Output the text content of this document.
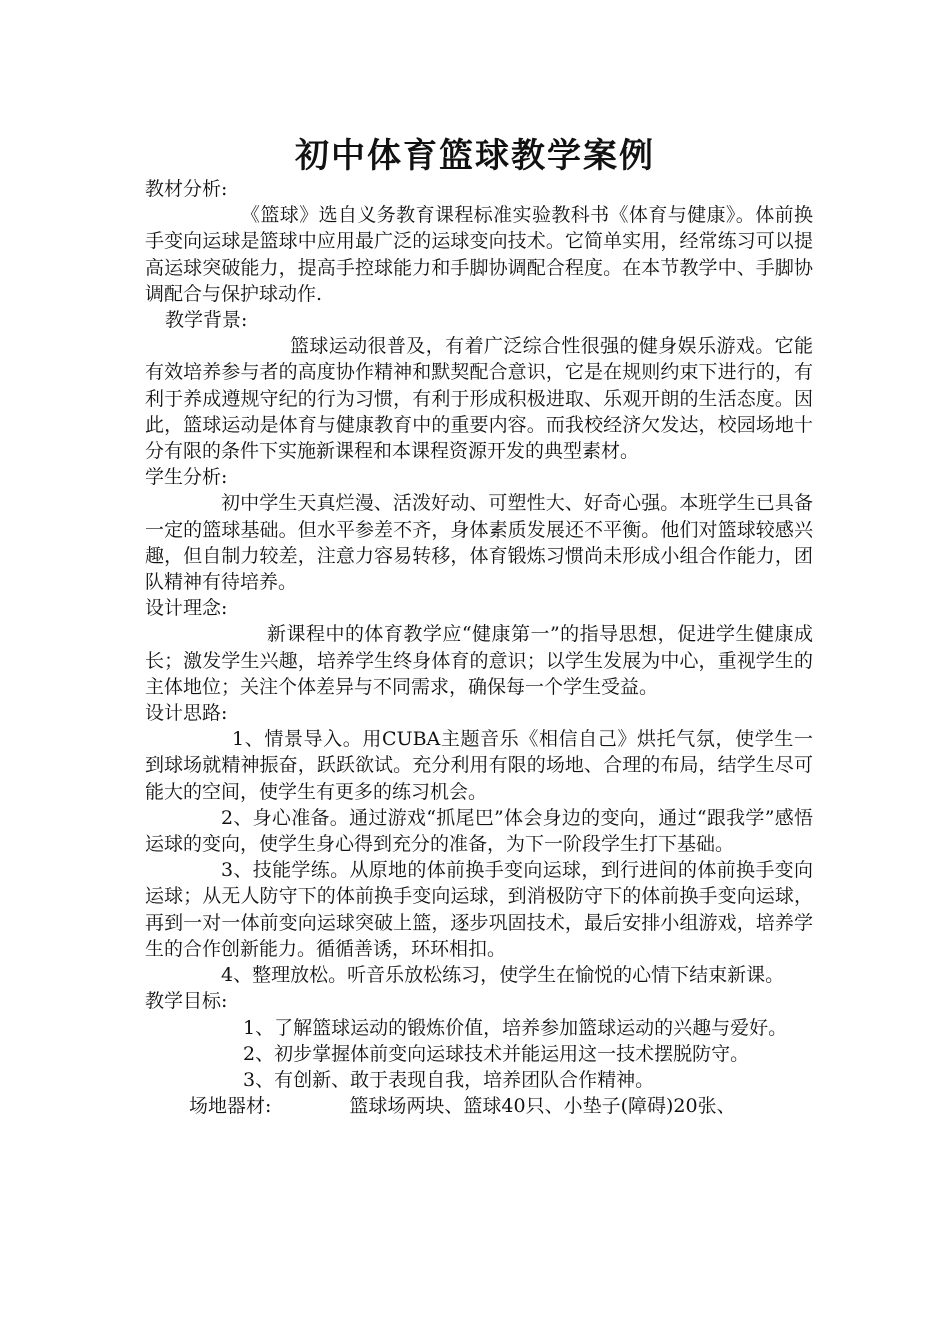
初中体育篮球教学案例

教材分析:

《篮球》选自义务教育课程标准实验教科书《体育与健康》。体前换手变向运球是篮球中应用最广泛的运球变向技术。它简单实用，经常练习可以提高运球突破能力，提高手控球能力和手脚协调配合程度。在本节教学中、手脚协调配合与保护球动作.

教学背景:

篮球运动很普及，有着广泛综合性很强的健身娱乐游戏。它能有效培养参与者的高度协作精神和默契配合意识，它是在规则约束下进行的，有利于养成遵规守纪的行为习惯，有利于形成积极进取、乐观开朗的生活态度。因此，篮球运动是体育与健康教育中的重要内容。而我校经济欠发达，校园场地十分有限的条件下实施新课程和本课程资源开发的典型素材。

学生分析:

初中学生天真烂漫、活泼好动、可塑性大、好奇心强。本班学生已具备一定的篮球基础。但水平参差不齐，身体素质发展还不平衡。他们对篮球较感兴趣，但自制力较差，注意力容易转移，体育锻炼习惯尚未形成小组合作能力，团队精神有待培养。

设计理念:

新课程中的体育教学应“健康第一”的指导思想，促进学生健康成长；激发学生兴趣，培养学生终身体育的意识；以学生发展为中心，重视学生的主体地位；关注个体差异与不同需求，确保每一个学生受益。

设计思路:

1、情景导入。用CUBA主题音乐《相信自己》烘托气氛，使学生一到球场就精神振奋，跃跃欲试。充分利用有限的场地、合理的布局，结学生尽可能大的空间，使学生有更多的练习机会。

2、身心准备。通过游戏“抓尾巴”体会身边的变向，通过“跟我学”感悟运球的变向，使学生身心得到充分的准备，为下一阶段学生打下基础。

3、技能学练。从原地的体前换手变向运球，到行进间的体前换手变向运球；从无人防守下的体前换手变向运球，到消极防守下的体前换手变向运球，再到一对一体前变向运球突破上篮，逐步巩固技术，最后安排小组游戏，培养学生的合作创新能力。循循善诱，环环相扣。

4、整理放松。听音乐放松练习，使学生在愉悦的心情下结束新课。

教学目标:

1、了解篮球运动的锻炼价值，培养参加篮球运动的兴趣与爱好。

2、初步掌握体前变向运球技术并能运用这一技术摆脱防守。

3、有创新、敢于表现自我，培养团队合作精神。

场地器材:	篮球场两块、篮球40只、小垫子(障碍)20张、
